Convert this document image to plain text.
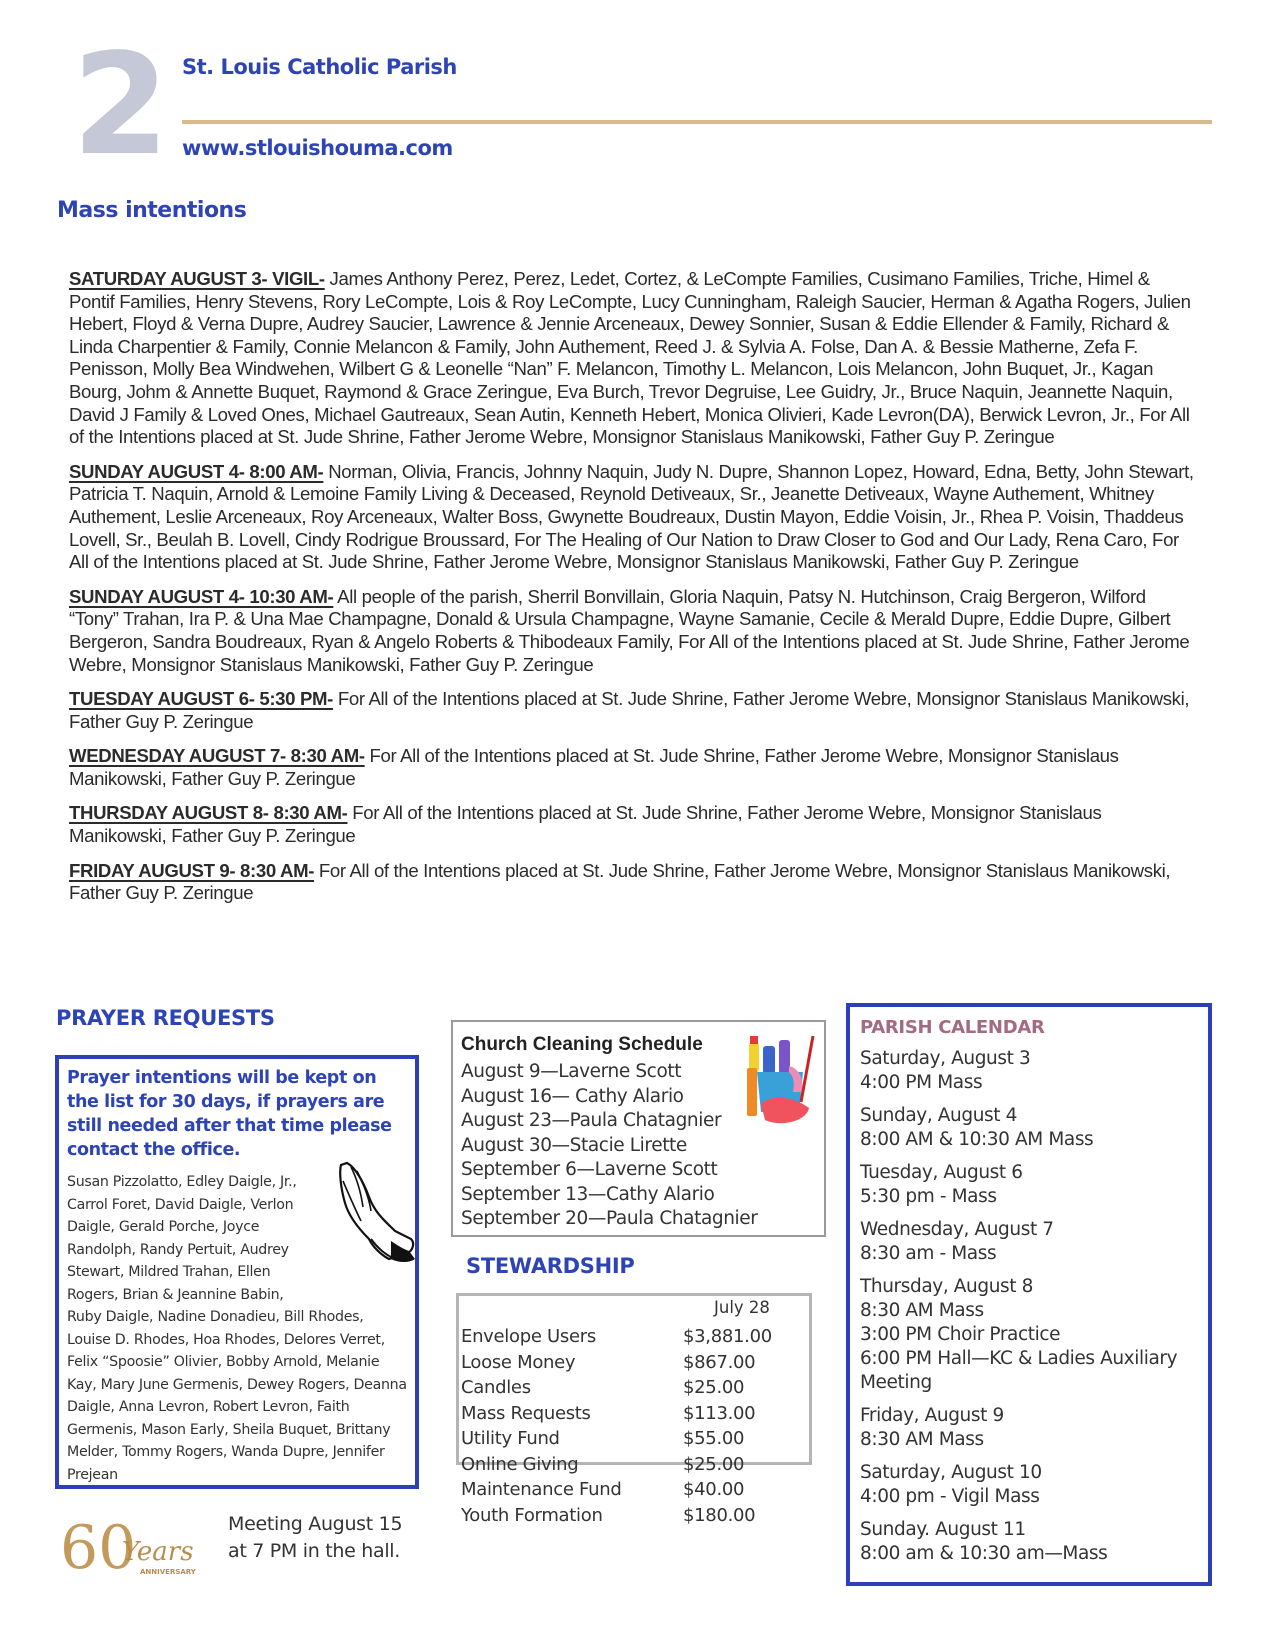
2 St. Louis Catholic Parish
www.stlouishouma.com
Mass intentions

SATURDAY AUGUST 3- VIGIL- James Anthony Perez, Perez, Ledet, Cortez, & LeCompte Families, Cusimano Families, Triche, Himel & Pontif Families, Henry Stevens, Rory LeCompte, Lois & Roy LeCompte, Lucy Cunningham, Raleigh Saucier, Herman & Agatha Rogers, Julien Hebert, Floyd & Verna Dupre, Audrey Saucier, Lawrence & Jennie Arceneaux, Dewey Sonnier, Susan & Eddie Ellender & Family, Richard & Linda Charpentier & Family, Connie Melancon & Family, John Authement, Reed J. & Sylvia A. Folse, Dan A. & Bessie Matherne, Zefa F. Penisson, Molly Bea Windwehen, Wilbert G & Leonelle “Nan” F. Melancon, Timothy L. Melancon, Lois Melancon, John Buquet, Jr., Kagan Bourg, Johm & Annette Buquet, Raymond & Grace Zeringue, Eva Burch, Trevor Degruise, Lee Guidry, Jr., Bruce Naquin, Jeannette Naquin, David J Family & Loved Ones, Michael Gautreaux, Sean Autin, Kenneth Hebert, Monica Olivieri, Kade Levron(DA), Berwick Levron, Jr., For All of the Intentions placed at St. Jude Shrine, Father Jerome Webre, Monsignor Stanislaus Manikowski, Father Guy P. Zeringue

SUNDAY AUGUST 4- 8:00 AM- Norman, Olivia, Francis, Johnny Naquin, Judy N. Dupre, Shannon Lopez, Howard, Edna, Betty, John Stewart, Patricia T. Naquin, Arnold & Lemoine Family Living & Deceased, Reynold Detiveaux, Sr., Jeanette Detiveaux, Wayne Authement, Whitney Authement, Leslie Arceneaux, Roy Arceneaux, Walter Boss, Gwynette Boudreaux, Dustin Mayon, Eddie Voisin, Jr., Rhea P. Voisin, Thaddeus Lovell, Sr., Beulah B. Lovell, Cindy Rodrigue Broussard, For The Healing of Our Nation to Draw Closer to God and Our Lady, Rena Caro, For All of the Intentions placed at St. Jude Shrine, Father Jerome Webre, Monsignor Stanislaus Manikowski, Father Guy P. Zeringue

SUNDAY AUGUST 4- 10:30 AM- All people of the parish, Sherril Bonvillain, Gloria Naquin, Patsy N. Hutchinson, Craig Bergeron, Wilford “Tony” Trahan, Ira P. & Una Mae Champagne, Donald & Ursula Champagne, Wayne Samanie, Cecile & Merald Dupre, Eddie Dupre, Gilbert Bergeron, Sandra Boudreaux, Ryan & Angelo Roberts & Thibodeaux Family, For All of the Intentions placed at St. Jude Shrine, Father Jerome Webre, Monsignor Stanislaus Manikowski, Father Guy P. Zeringue

TUESDAY AUGUST 6- 5:30 PM- For All of the Intentions placed at St. Jude Shrine, Father Jerome Webre, Monsignor Stanislaus Manikowski, Father Guy P. Zeringue

WEDNESDAY AUGUST 7- 8:30 AM- For All of the Intentions placed at St. Jude Shrine, Father Jerome Webre, Monsignor Stanislaus Manikowski, Father Guy P. Zeringue

THURSDAY AUGUST 8- 8:30 AM- For All of the Intentions placed at St. Jude Shrine, Father Jerome Webre, Monsignor Stanislaus Manikowski, Father Guy P. Zeringue

FRIDAY AUGUST 9- 8:30 AM- For All of the Intentions placed at St. Jude Shrine, Father Jerome Webre, Monsignor Stanislaus Manikowski, Father Guy P. Zeringue

PRAYER REQUESTS
Prayer intentions will be kept on the list for 30 days, if prayers are still needed after that time please contact the office.
Susan Pizzolatto, Edley Daigle, Jr., Carrol Foret, David Daigle, Verlon Daigle, Gerald Porche, Joyce Randolph, Randy Pertuit, Audrey Stewart, Mildred Trahan, Ellen Rogers, Brian & Jeannine Babin,
Ruby Daigle, Nadine Donadieu, Bill Rhodes, Louise D. Rhodes, Hoa Rhodes, Delores Verret, Felix “Spoosie” Olivier, Bobby Arnold, Melanie Kay, Mary June Germenis, Dewey Rogers, Deanna Daigle, Anna Levron, Robert Levron, Faith Germenis, Mason Early, Sheila Buquet, Brittany Melder, Tommy Rogers, Wanda Dupre, Jennifer Prejean
60
Years
ANNIVERSARY
Meeting August 15
at 7 PM in the hall.
Church Cleaning Schedule
August 9—Laverne Scott
August 16— Cathy Alario
August 23—Paula Chatagnier
August 30—Stacie Lirette
September 6—Laverne Scott
September 13—Cathy Alario
September 20—Paula Chatagnier
STEWARDSHIP
July 28
Envelope Users	$3,881.00
Loose Money	$867.00
Candles	$25.00
Mass Requests	$113.00
Utility Fund	$55.00
Online Giving	$25.00
Maintenance Fund	$40.00
Youth Formation	$180.00
PARISH CALENDAR
Saturday, August 3
4:00 PM Mass
Sunday, August 4
8:00 AM & 10:30 AM Mass
Tuesday, August 6
5:30 pm - Mass
Wednesday, August 7
8:30 am - Mass
Thursday, August 8
8:30 AM Mass
3:00 PM Choir Practice
6:00 PM Hall—KC & Ladies Auxiliary Meeting
Friday, August 9
8:30 AM Mass
Saturday, August 10
4:00 pm - Vigil Mass
Sunday. August 11
8:00 am & 10:30 am—Mass
